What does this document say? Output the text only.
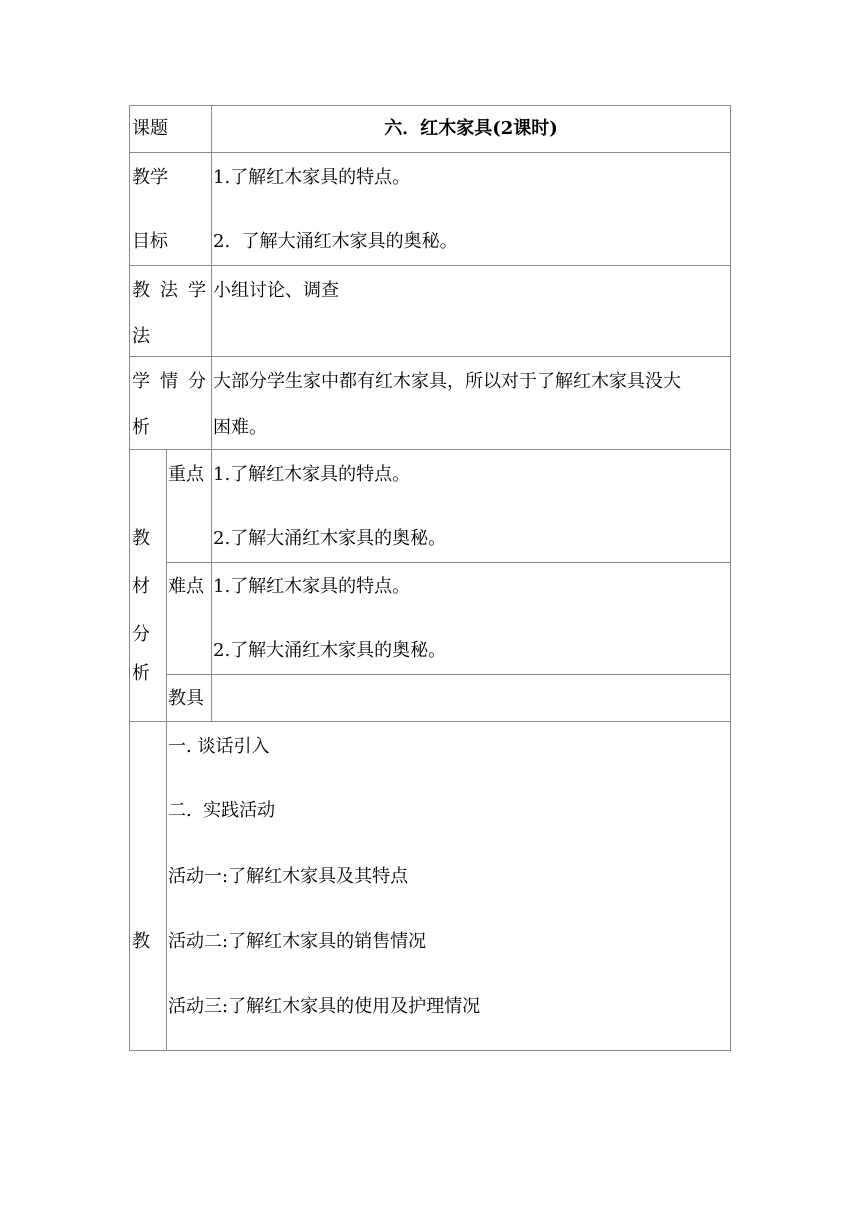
课题	六．红木家具(2课时)
教学
目标
1.了解红木家具的特点。
2.  了解大涌红木家具的奥秘。
教法学
法
小组讨论、调查
学情分
析
大部分学生家中都有红木家具，所以对于了解红木家具没大
困难。
教
材
分
析
重点 1.了解红木家具的特点。
2.了解大涌红木家具的奥秘。
难点 1.了解红木家具的特点。
2.了解大涌红木家具的奥秘。
教具
教
一. 谈话引入
二.  实践活动
活动一:了解红木家具及其特点
活动二:了解红木家具的销售情况
活动三:了解红木家具的使用及护理情况
